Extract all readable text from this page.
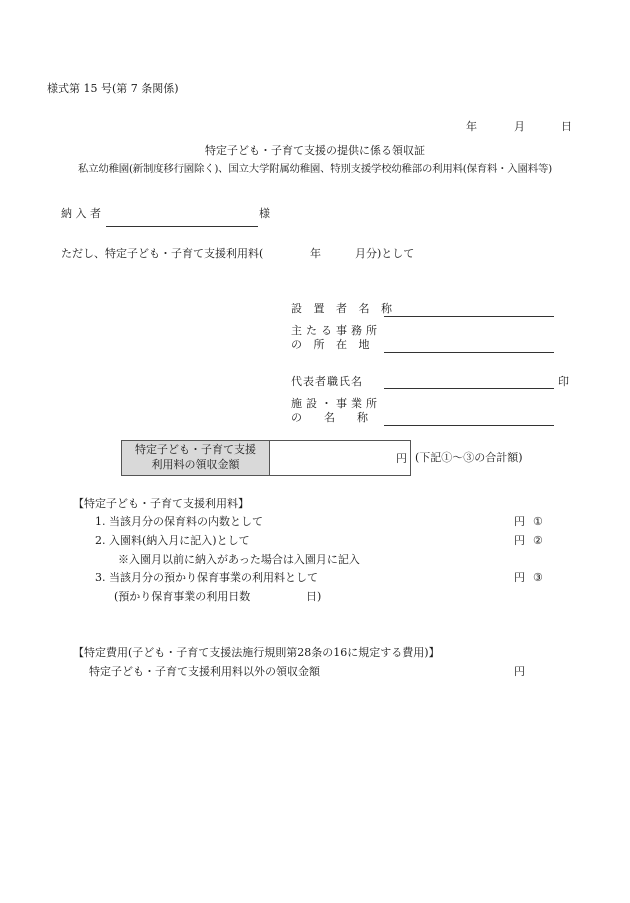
様式第 15 号(第 7 条関係)
年	月	日
特定子ども・子育て支援の提供に係る領収証
私立幼稚園(新制度移行園除く)、国立大学附属幼稚園、特別支援学校幼稚部の利用料(保育料・入園料等)
納 入 者	様
ただし、特定子ども・子育て支援利用料(	年	月分)として
設 置 者 名 称
主たる事務所
の 所 在 地
代表者職氏名	印
施設・事業所
の　　名　　称
特定子ども・子育て支援
利用料の領収金額	円 (下記①～③の合計額)
【特定子ども・子育て支援利用料】
1. 当該月分の保育料の内数として	円 ①
2. 入園料(納入月に記入)として	円 ②
※入園月以前に納入があった場合は入園月に記入
3. 当該月分の預かり保育事業の利用料として	円 ③
(預かり保育事業の利用日数	日)
【特定費用(子ども・子育て支援法施行規則第28条の16に規定する費用)】
特定子ども・子育て支援利用料以外の領収金額	円
